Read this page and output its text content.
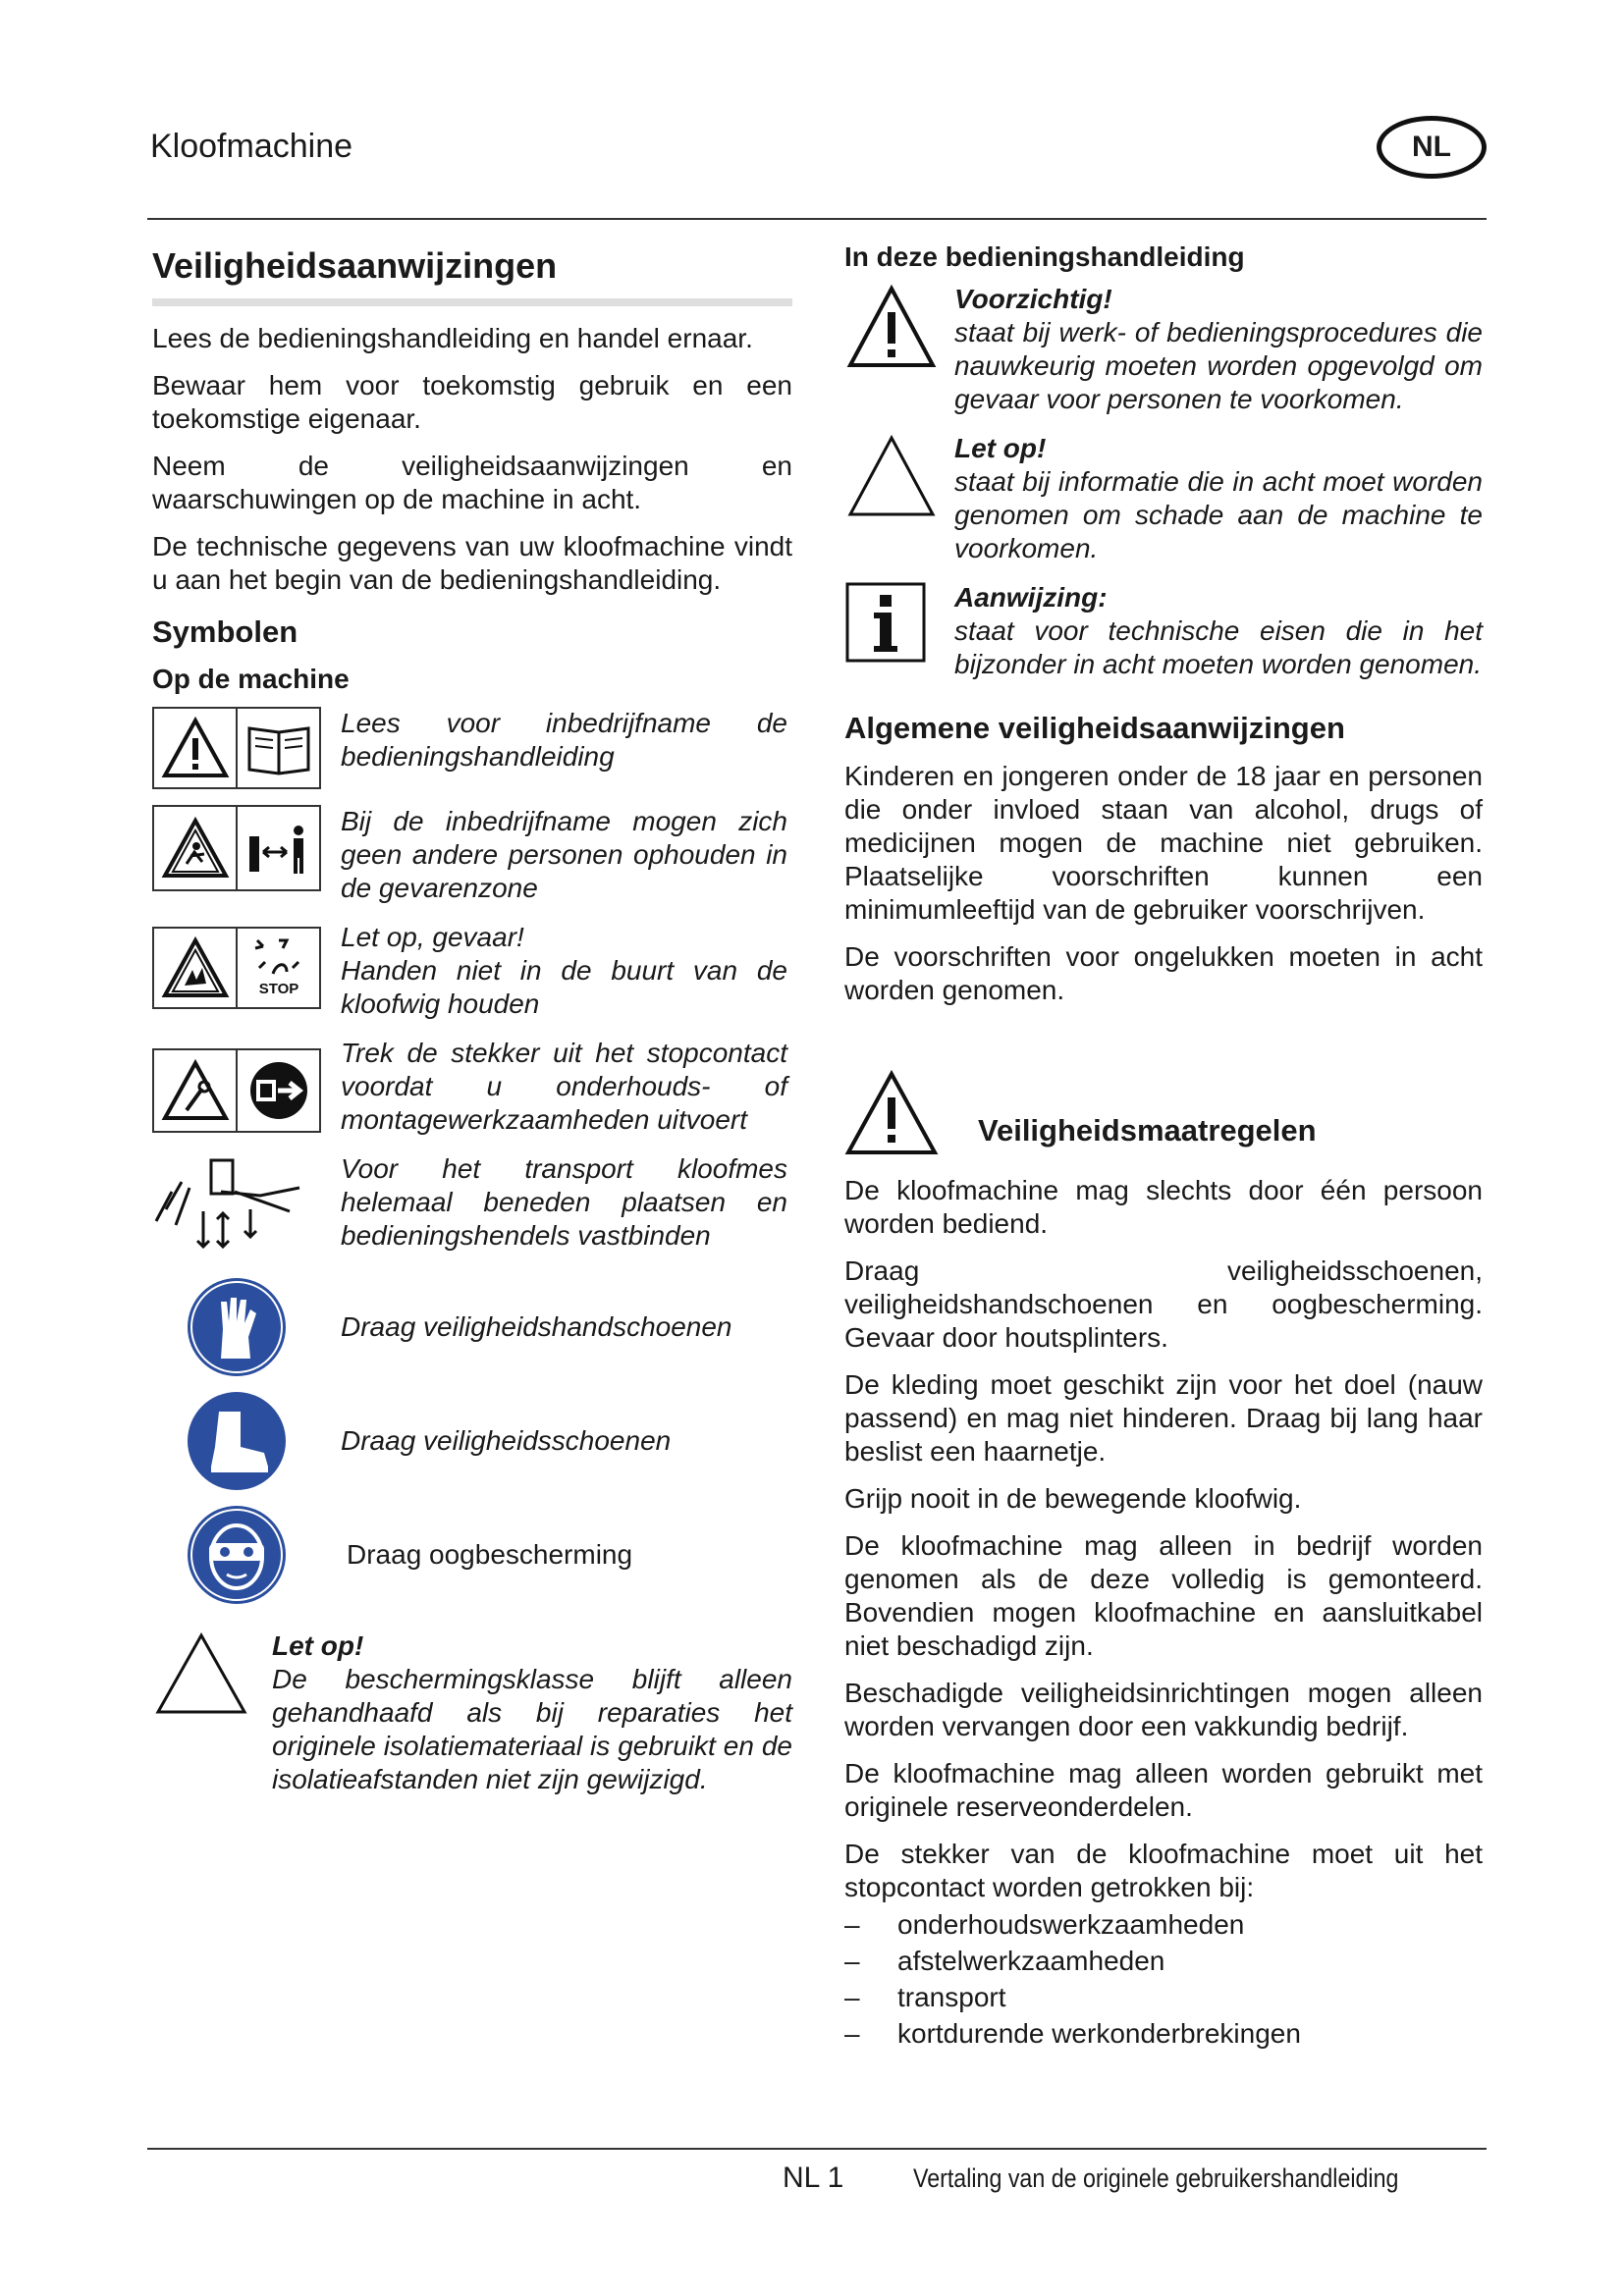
Kloofmachine	NL
Veiligheidsaanwijzingen

Lees de bedieningshandleiding en handel ernaar.

Bewaar hem voor toekomstig gebruik en een toekomstige eigenaar.

Neem de veiligheidsaanwijzingen en waarschuwingen op de machine in acht.

De technische gegevens van uw kloofmachine vindt u aan het begin van de bedieningshandleiding.

Symbolen
Op de machine
Lees voor inbedrijfname de bedieningshandleiding
Bij de inbedrijfname mogen zich geen andere personen ophouden in de gevarenzone
STOP
Let op, gevaar!
Handen niet in de buurt van de kloofwig houden
Trek de stekker uit het stopcontact voordat u onderhouds- of montagewerkzaamheden uitvoert
Voor het transport kloofmes helemaal beneden plaatsen en bedieningshendels vastbinden
Draag veiligheidshandschoenen
Draag veiligheidsschoenen
Draag oogbescherming
Let op!
De beschermingsklasse blijft alleen gehandhaafd als bij reparaties het originele isolatiemateriaal is gebruikt en de isolatieafstanden niet zijn gewijzigd.
In deze bedieningshandleiding
Voorzichtig!
staat bij werk- of bedieningsprocedures die nauwkeurig moeten worden opgevolgd om gevaar voor personen te voorkomen.
Let op!
staat bij informatie die in acht moet worden genomen om schade aan de machine te voorkomen.
Aanwijzing:
staat voor technische eisen die in het bijzonder in acht moeten worden genomen.
Algemene veiligheidsaanwijzingen

Kinderen en jongeren onder de 18 jaar en personen die onder invloed staan van alcohol, drugs of medicijnen mogen de machine niet gebruiken. Plaatselijke voorschriften kunnen een minimumleeftijd van de gebruiker voorschrijven.

De voorschriften voor ongelukken moeten in acht worden genomen.

Veiligheidsmaatregelen

De kloofmachine mag slechts door één persoon worden bediend.

Draag veiligheidsschoenen, veiligheidshandschoenen en oogbescherming. Gevaar door houtsplinters.

De kleding moet geschikt zijn voor het doel (nauw passend) en mag niet hinderen. Draag bij lang haar beslist een haarnetje.

Grijp nooit in de bewegende kloofwig.

De kloofmachine mag alleen in bedrijf worden genomen als de deze volledig is gemonteerd. Bovendien mogen kloofmachine en aansluitkabel niet beschadigd zijn.

Beschadigde veiligheidsinrichtingen mogen alleen worden vervangen door een vakkundig bedrijf.

De kloofmachine mag alleen worden gebruikt met originele reserveonderdelen.

De stekker van de kloofmachine moet uit het stopcontact worden getrokken bij:

–	onderhoudswerkzaamheden
–	afstelwerkzaamheden
–	transport
–	kortdurende werkonderbrekingen
NL 1	Vertaling van de originele gebruikershandleiding
